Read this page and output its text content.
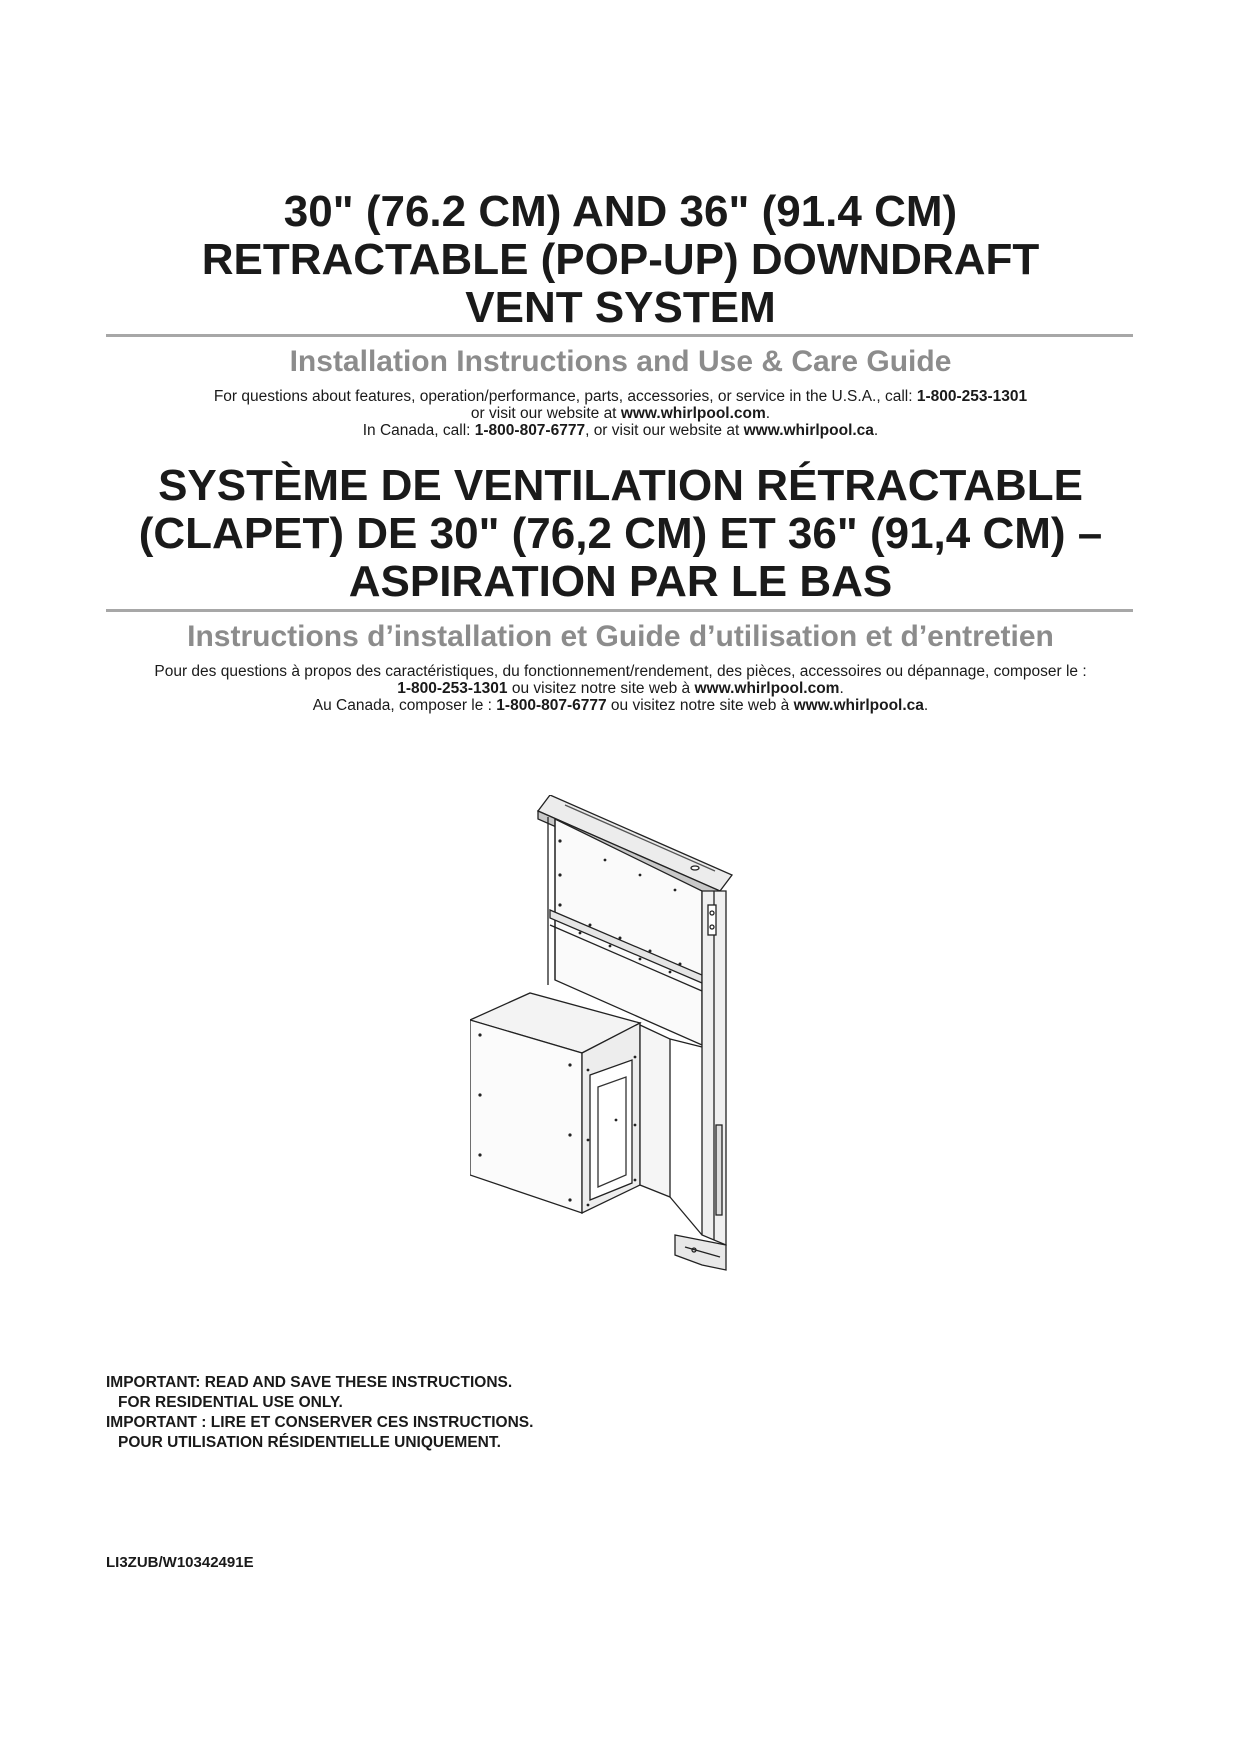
30" (76.2 CM) AND 36" (91.4 CM)
RETRACTABLE (POP-UP) DOWNDRAFT
VENT SYSTEM
Installation Instructions and Use & Care Guide
For questions about features, operation/performance, parts, accessories, or service in the U.S.A., call: 1-800-253-1301
or visit our website at www.whirlpool.com.
In Canada, call: 1-800-807-6777, or visit our website at www.whirlpool.ca.
SYSTÈME DE VENTILATION RÉTRACTABLE
(CLAPET) DE 30" (76,2 CM) ET 36" (91,4 CM) –
ASPIRATION PAR LE BAS
Instructions d’installation et Guide d’utilisation et d’entretien
Pour des questions à propos des caractéristiques, du fonctionnement/rendement, des pièces, accessoires ou dépannage, composer le :
1-800-253-1301 ou visitez notre site web à www.whirlpool.com.
Au Canada, composer le : 1-800-807-6777 ou visitez notre site web à www.whirlpool.ca.
IMPORTANT: READ AND SAVE THESE INSTRUCTIONS.
FOR RESIDENTIAL USE ONLY.
IMPORTANT : LIRE ET CONSERVER CES INSTRUCTIONS.
POUR UTILISATION RÉSIDENTIELLE UNIQUEMENT.
LI3ZUB/W10342491E
